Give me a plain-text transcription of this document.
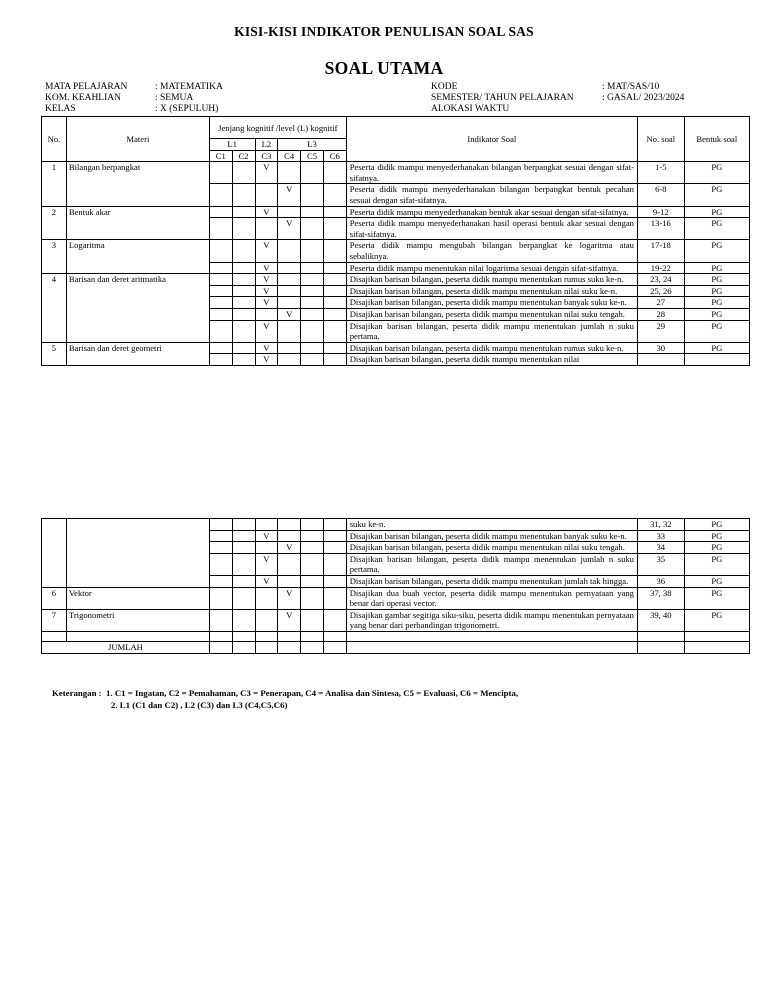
KISI-KISI INDIKATOR PENULISAN SOAL SAS
SOAL UTAMA
MATA PELAJARAN	: MATEMATIKA
KOM. KEAHLIAN	: SEMUA
KELAS	: X (SEPULUH)
KODE	: MAT/SAS/10
SEMESTER/ TAHUN PELAJARAN	: GASAL/ 2023/2024
ALOKASI WAKTU
No.	Materi	Jenjang kognitif /level (L) kognitif						Indikator Soal	No. soal	Bentuk soal
		L1		L2	L3					
		C1	C2	C3	C4	C5	C6			
1	Bilangan berpangkat			V				Peserta didik mampu menyederhanakan bilangan berpangkat sesuai dengan sifat-sifatnya.	1-5	PG
					V			Peserta didik mampu menyederhanakan bilangan berpangkat bentuk pecahan sesuai dengan sifat-sifatnya.	6-8	PG
2	Bentuk akar			V				Peserta didik mampu menyederhanakan bentuk akar sesuai dengan sifat-sifatnya.	9-12	PG
					V			Peserta didik mampu menyederhanakan hasil operasi bentuk akar sesuai dengan sifat-sifatnya.	13-16	PG
3	Logaritma			V				Peserta didik mampu mengubah bilangan berpangkat ke logaritma atau sebaliknya.	17-18	PG
				V				Peserta didik mampu menentukan nilai logaritma sesuai dengan sifat-sifatnya.	19-22	PG
4	Barisan dan deret aritmatika			V				Disajikan barisan bilangan, peserta didik mampu menentukan rumus suku ke-n.	23, 24	PG
				V				Disajikan barisan bilangan, peserta didik mampu menentukan nilai suku ke-n.	25, 26	PG
				V				Disajikan barisan bilangan, peserta didik mampu menentukan banyak suku ke-n.	27	PG
					V			Disajikan barisan bilangan, peserta didik mampu menentukan nilai suku tengah.	28	PG
				V				Disajikan barisan bilangan, peserta didik mampu menentukan jumlah n suku pertama.	29	PG
5	Barisan dan deret geometri			V				Disajikan barisan bilangan, peserta didik mampu menentukan rumus suku ke-n.	30	PG
				V				Disajikan barisan bilangan, peserta didik mampu menentukan nilai		
								suku ke-n.	31, 32	PG
				V				Disajikan barisan bilangan, peserta didik mampu menentukan banyak suku ke-n.	33	PG
					V			Disajikan barisan bilangan, peserta didik mampu menentukan nilai suku tengah.	34	PG
				V				Disajikan barisan bilangan, peserta didik mampu menentukan jumlah n suku pertama.	35	PG
				V				Disajikan barisan bilangan, peserta didik mampu menentukan jumlah tak hingga.	36	PG
6	Vektor				V			Disajikan dua buah vector, peserta didik mampu menentukan pernyataan yang benar dari operasi vector.	37, 38	PG
7	Trigonometri				V			Disajikan gambar segitiga siku-siku, peserta didik mampu menentukan pernyataan yang benar dari perbandingan trigonometri.	39, 40	PG

JUMLAH										
Keterangan : 1. C1 = Ingatan, C2 = Pemahaman, C3 = Penerapan, C4 = Analisa dan Sintesa, C5 = Evaluasi, C6 = Mencipta,
2. L1 (C1 dan C2) , L2 (C3) dan L3 (C4,C5,C6)
